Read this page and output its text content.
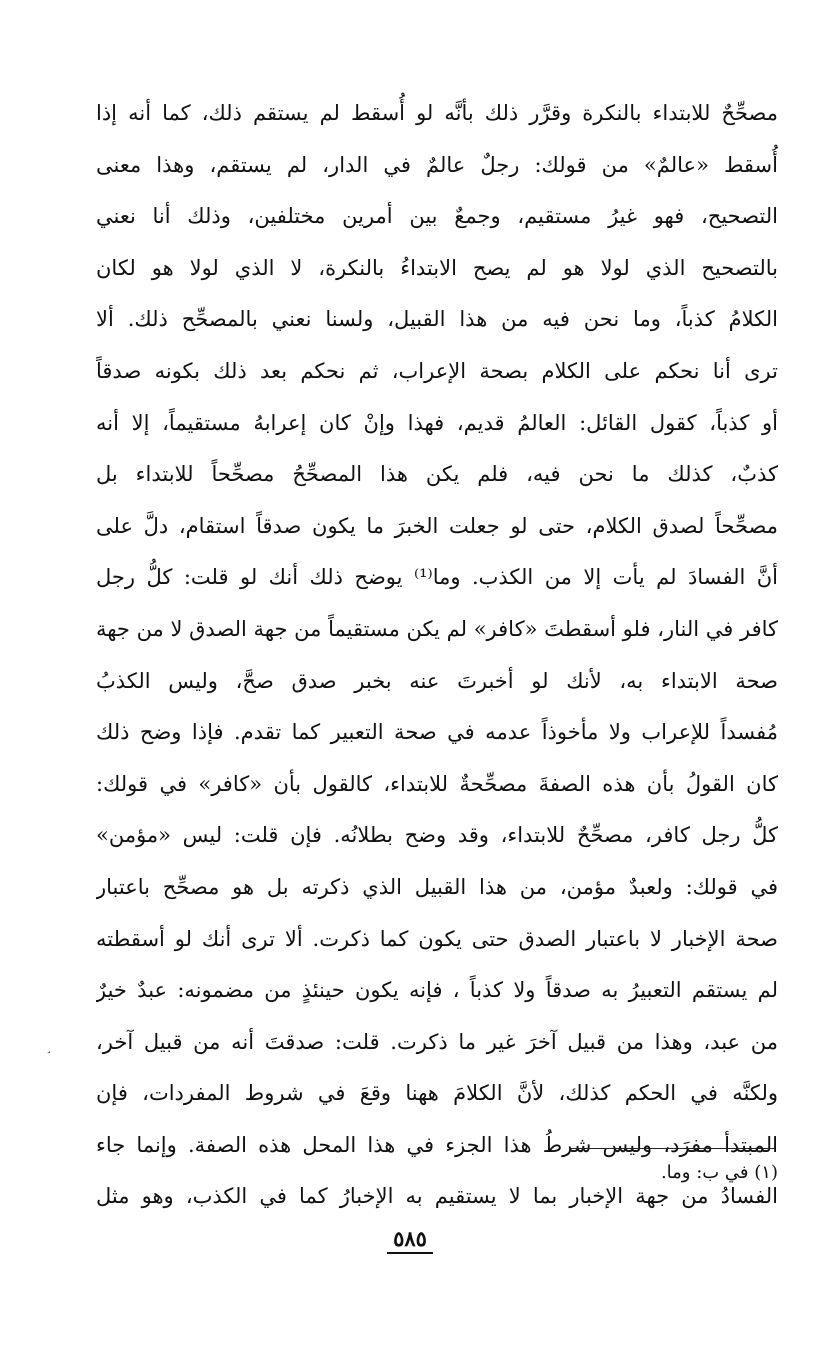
مصحِّحٌ للابتداء بالنكرة وقرَّر ذلك بأنَّه لو أُسقط لم يستقم ذلك، كما أنه إذا
أُسقط «عالمٌ» من قولك: رجلٌ عالمٌ في الدار، لم يستقم، وهذا معنى
التصحيح، فهو غيرُ مستقيم، وجمعٌ بين أمرين مختلفين، وذلك أنا نعني
بالتصحيح الذي لولا هو لم يصح الابتداءُ بالنكرة، لا الذي لولا هو لكان
الكلامُ كذباً، وما نحن فيه من هذا القبيل، ولسنا نعني بالمصحِّح ذلك. ألا
ترى أنا نحكم على الكلام بصحة الإعراب، ثم نحكم بعد ذلك بكونه صدقاً
أو كذباً، كقول القائل: العالمُ قديم، فهذا وإنْ كان إعرابهُ مستقيماً، إلا أنه
كذبٌ، كذلك ما نحن فيه، فلم يكن هذا المصحِّحُ مصحِّحاً للابتداء بل
مصحِّحاً لصدق الكلام، حتى لو جعلت الخبرَ ما يكون صدقاً استقام، دلَّ على
أنَّ الفسادَ لم يأت إلا من الكذب. وما⁽¹⁾ يوضح ذلك أنك لو قلت: كلُّ رجل
كافر في النار، فلو أسقطتَ «كافر» لم يكن مستقيماً من جهة الصدق لا من جهة
صحة الابتداء به، لأنك لو أخبرتَ عنه بخبر صدق صحَّ، وليس الكذبُ
مُفسداً للإعراب ولا مأخوذاً عدمه في صحة التعبير كما تقدم. فإذا وضح ذلك
كان القولُ بأن هذه الصفةَ مصحِّحةٌ للابتداء، كالقول بأن «كافر» في قولك:
كلُّ رجل كافر، مصحِّحٌ للابتداء، وقد وضح بطلانُه. فإن قلت: ليس «مؤمن»
في قولك: ولعبدٌ مؤمن، من هذا القبيل الذي ذكرته بل هو مصحِّح باعتبار
صحة الإخبار لا باعتبار الصدق حتى يكون كما ذكرت. ألا ترى أنك لو أسقطته
لم يستقم التعبيرُ به صدقاً ولا كذباً ، فإنه يكون حينئذٍ من مضمونه: عبدٌ خيرٌ
من عبد، وهذا من قبيل آخرَ غير ما ذكرت. قلت: صدقتَ أنه من قبيل آخر،
ولكنَّه في الحكم كذلك، لأنَّ الكلامَ ههنا وقعَ في شروط المفردات، فإن
المبتدأ مفرَد، وليس شرطُ هذا الجزء في هذا المحل هذه الصفة. وإنما جاء
الفسادُ من جهة الإخبار بما لا يستقيم به الإخبارُ كما في الكذب، وهو مثل
¸
(١) في ب: وما.
٥٨٥
